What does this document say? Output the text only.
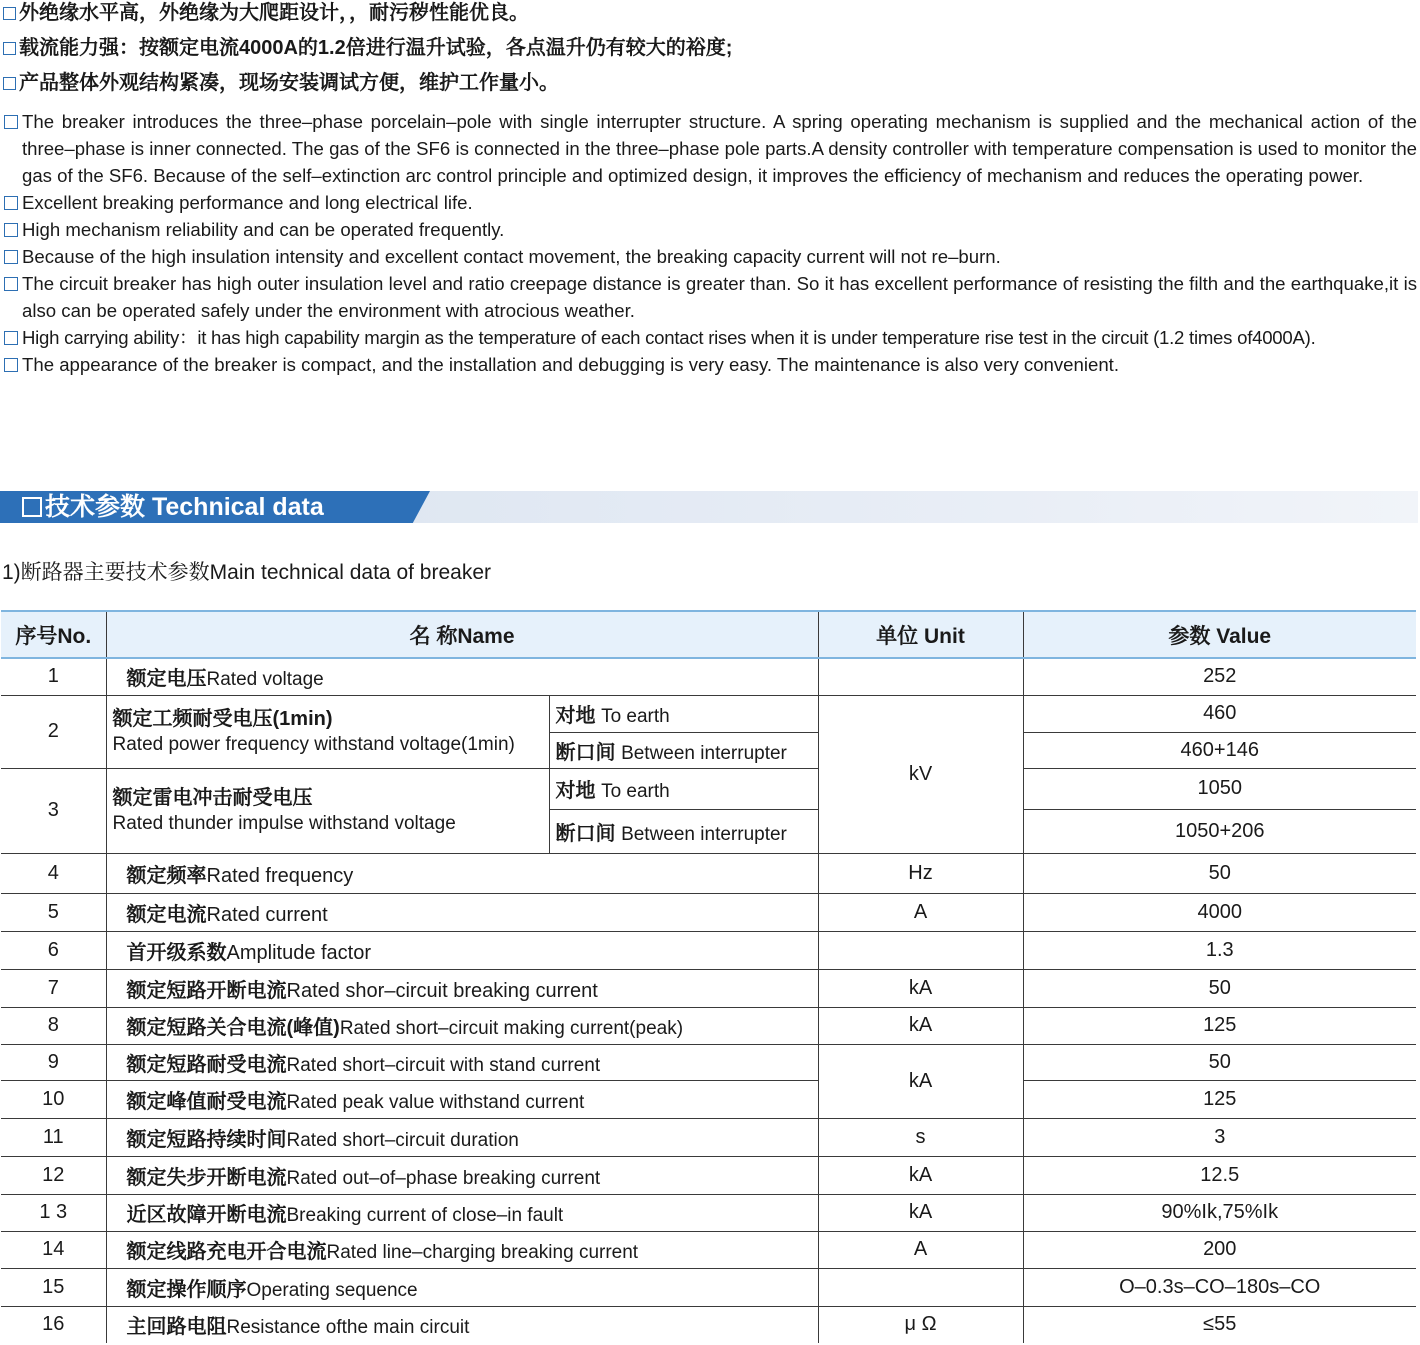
外绝缘水平高，外绝缘为大爬距设计，，耐污秽性能优良。
载流能力强：按额定电流4000A的1.2倍进行温升试验，各点温升仍有较大的裕度;
产品整体外观结构紧凑，现场安装调试方便，维护工作量小。
The breaker introduces the three–phase porcelain–pole with single interrupter structure. A spring operating mechanism is supplied and the mechanical action of the three–phase is inner connected. The gas of the SF6 is connected in the three–phase pole parts.A density controller with temperature compensation is used to monitor the gas of the SF6. Because of the self–extinction arc control principle and optimized design, it improves the efficiency of mechanism and reduces the operating power.
Excellent breaking performance and long electrical life.
High mechanism reliability and can be operated frequently.
Because of the high insulation intensity and excellent contact movement, the breaking capacity current will not re–burn.
The circuit breaker has high outer insulation level and ratio creepage distance is greater than. So it has excellent performance of resisting the filth and the earthquake,it is also can be operated safely under the environment with atrocious weather.
High carrying ability：it has high capability margin as the temperature of each contact rises when it is under temperature rise test in the circuit (1.2 times of4000A).
The appearance of the breaker is compact, and the installation and debugging is very easy. The maintenance is also very convenient.
技术参数 Technical data
1)断路器主要技术参数Main technical data of breaker
序号No.	名 称Name		单位 Unit	参数 Value
1	额定电压Rated voltage			252
2	额定工频耐受电压(1min)
Rated power frequency withstand voltage(1min)	对地 To earth	kV	460
		断口间 Between interrupter		460+146
3	额定雷电冲击耐受电压
Rated thunder impulse withstand voltage	对地 To earth		1050
		断口间 Between interrupter		1050+206
4	额定频率Rated frequency		Hz	50
5	额定电流Rated current		A	4000
6	首开级系数Amplitude factor			1.3
7	额定短路开断电流Rated shor–circuit breaking current		kA	50
8	额定短路关合电流(峰值)Rated short–circuit making current(peak)		kA	125
9	额定短路耐受电流Rated short–circuit with stand current		kA	50
10	额定峰值耐受电流Rated peak value withstand current			125
11	额定短路持续时间Rated short–circuit duration		s	3
12	额定失步开断电流Rated out–of–phase breaking current		kA	12.5
1 3	近区故障开断电流Breaking current of close–in fault		kA	90%Ik,75%Ik
14	额定线路充电开合电流Rated line–charging breaking current		A	200
15	额定操作顺序Operating sequence			O–0.3s–CO–180s–CO
16	主回路电阻Resistance ofthe main circuit		μ Ω	≤55
